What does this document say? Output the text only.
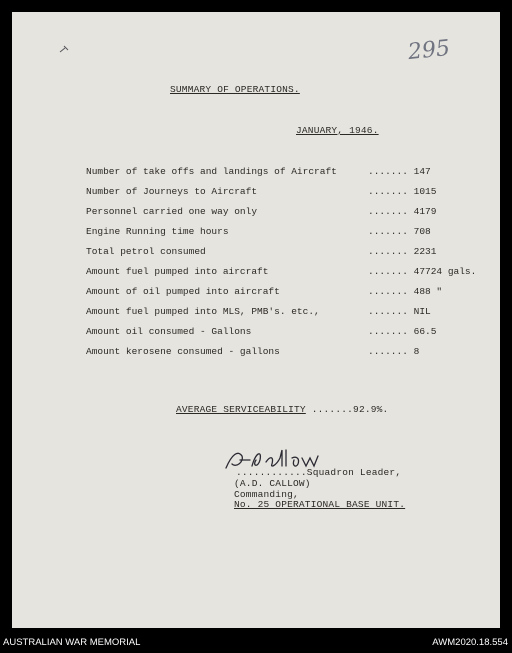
295
SUMMARY OF OPERATIONS.
JANUARY, 1946.
Number of take offs and landings of Aircraft	....... 147
Number of Journeys to Aircraft	....... 1015
Personnel carried one way only	....... 4179
Engine Running time hours	....... 708
Total petrol consumed	....... 2231
Amount fuel pumped into aircraft	....... 47724 gals.
Amount of oil pumped into aircraft	....... 488 "
Amount fuel pumped into MLS, PMB's. etc.,	....... NIL
Amount oil consumed - Gallons	....... 66.5
Amount kerosene consumed - gallons	....... 8
AVERAGE SERVICEABILITY .......92.9%.
............Squadron Leader,
(A.D. CALLOW)
Commanding,
No. 25 OPERATIONAL BASE UNIT.
AUSTRALIAN WAR MEMORIAL	AWM2020.18.554
